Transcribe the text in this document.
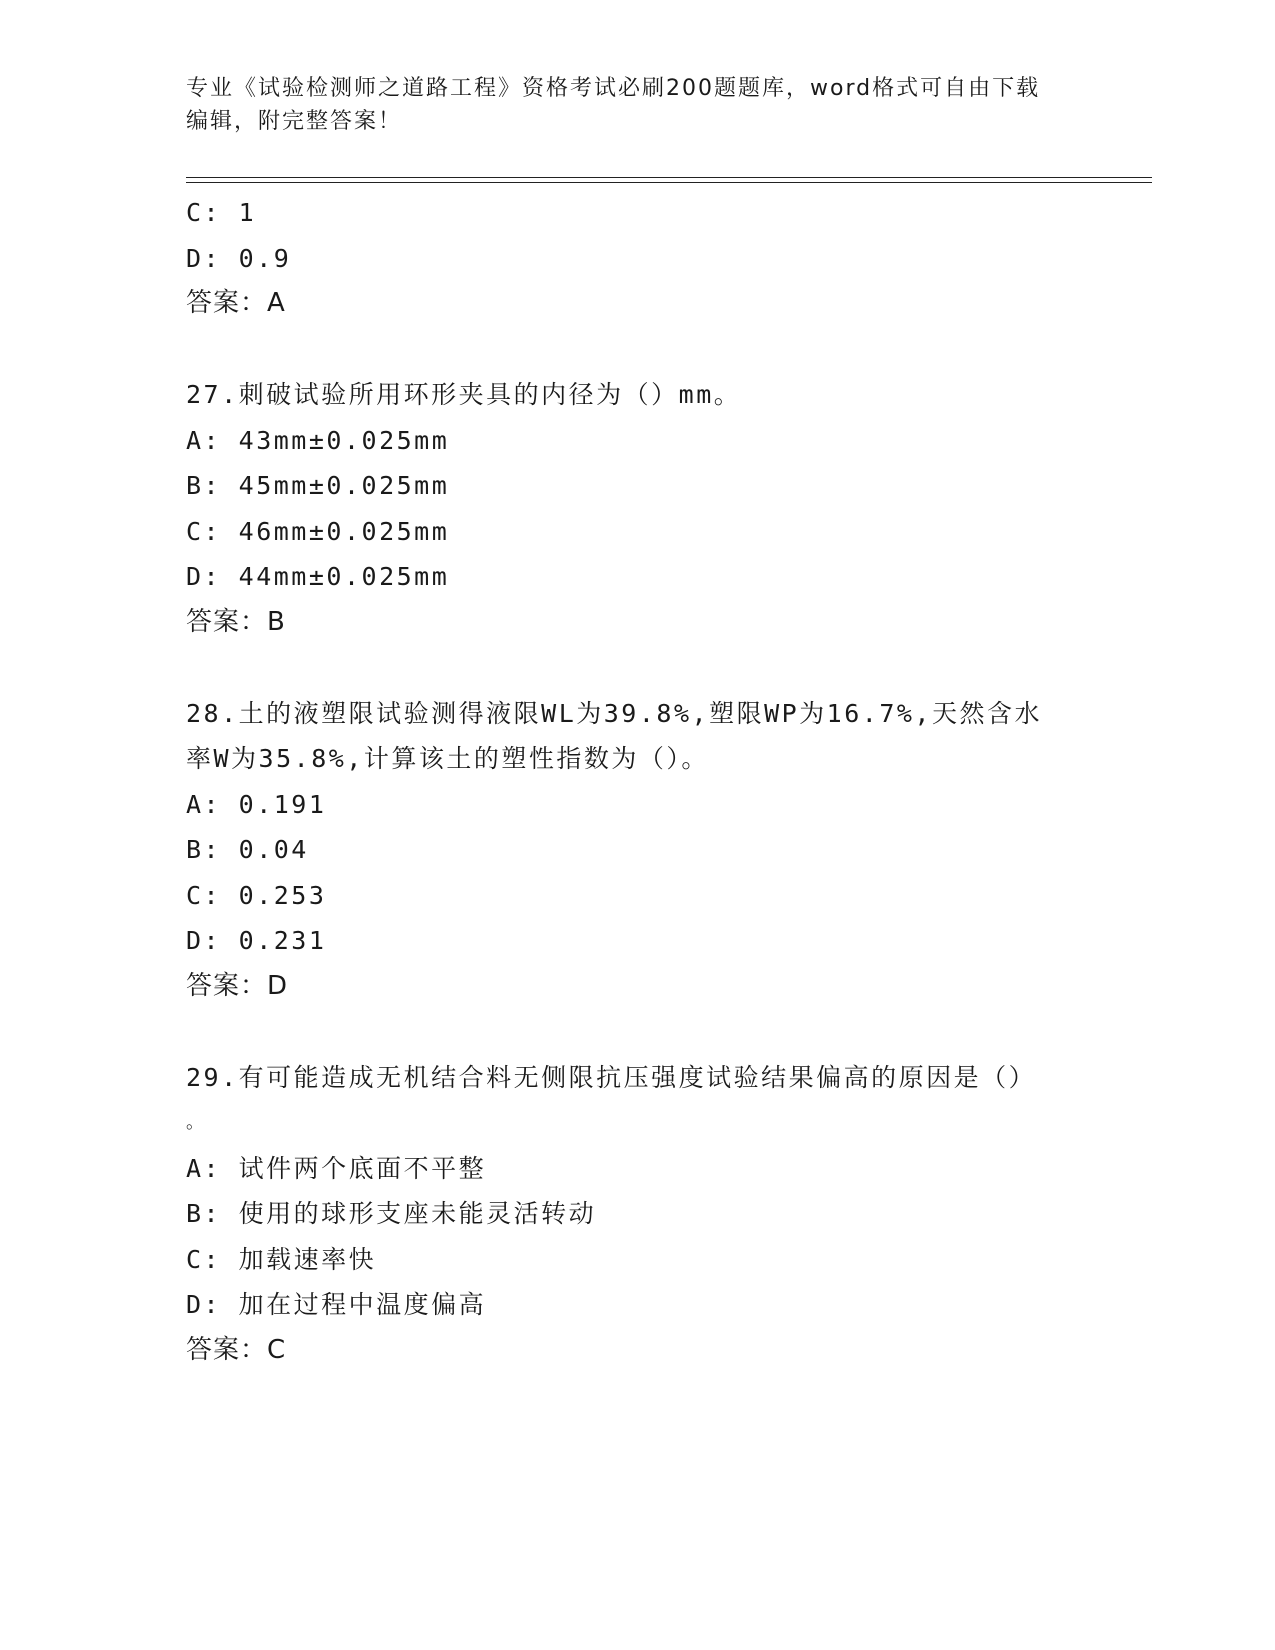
专业《试验检测师之道路工程》资格考试必刷200题题库，word格式可自由下载
编辑，附完整答案！
C: 1
D: 0.9
答案：A
27.刺破试验所用环形夹具的内径为（）mm。
A: 43mm±0.025mm
B: 45mm±0.025mm
C: 46mm±0.025mm
D: 44mm±0.025mm
答案：B
28.土的液塑限试验测得液限WL为39.8%,塑限WP为16.7%,天然含水
率W为35.8%,计算该土的塑性指数为（）。
A: 0.191
B: 0.04
C: 0.253
D: 0.231
答案：D
29.有可能造成无机结合料无侧限抗压强度试验结果偏高的原因是（）
。
A: 试件两个底面不平整
B: 使用的球形支座未能灵活转动
C: 加载速率快
D: 加在过程中温度偏高
答案：C
